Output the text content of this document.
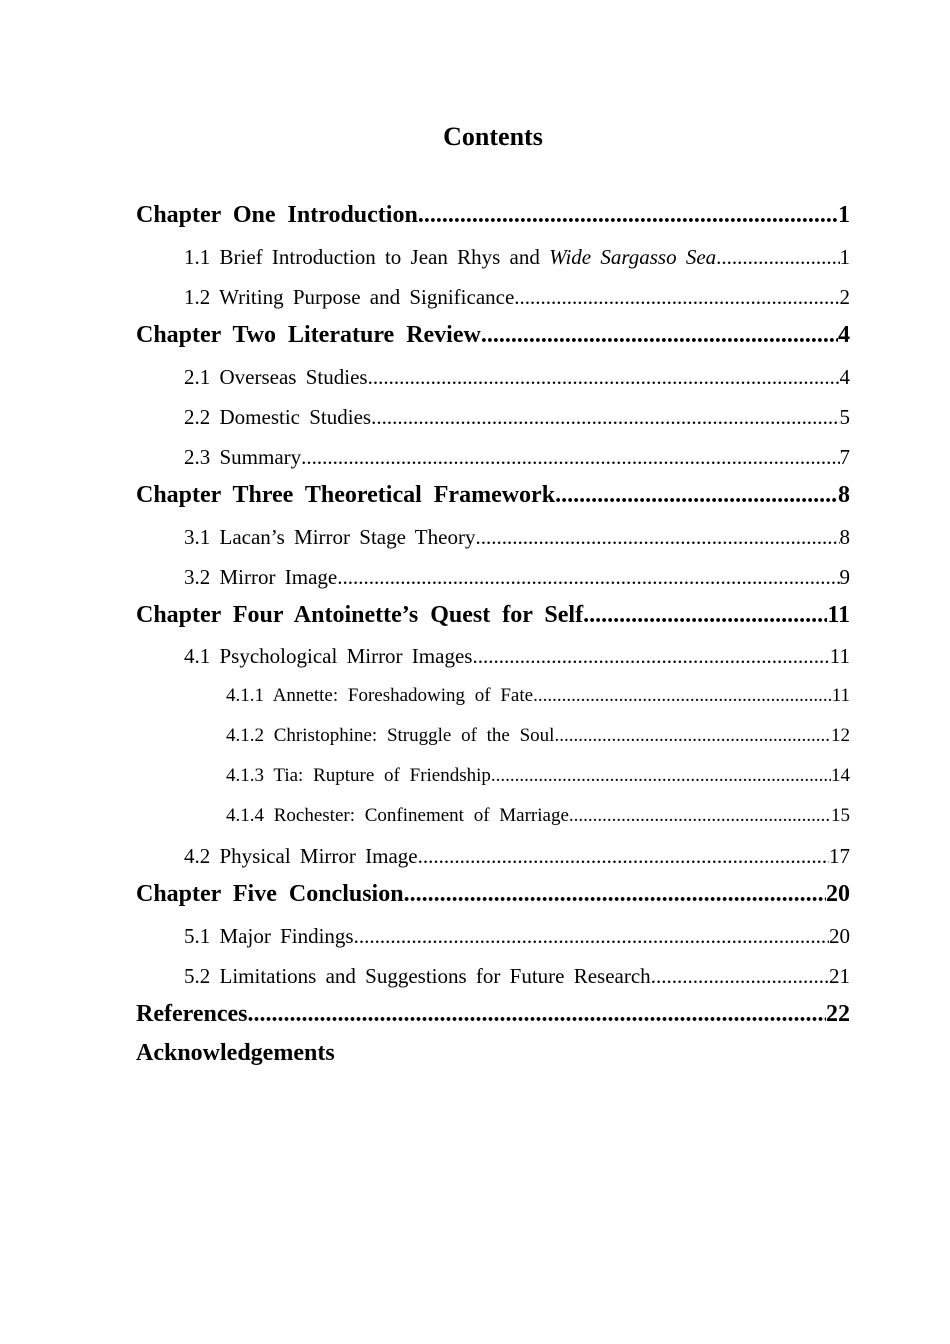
Contents
Chapter One Introduction .....	1
1.1 Brief Introduction to Jean Rhys and Wide Sargasso Sea .....	1
1.2 Writing Purpose and Significance .....	2
Chapter Two Literature Review .....	4
2.1 Overseas Studies .....	4
2.2 Domestic Studies .....	5
2.3 Summary .....	7
Chapter Three Theoretical Framework .....	8
3.1 Lacan’s Mirror Stage Theory .....	8
3.2 Mirror Image .....	9
Chapter Four Antoinette’s Quest for Self .....	11
4.1 Psychological Mirror Images .....	11
4.1.1 Annette: Foreshadowing of Fate .....	11
4.1.2 Christophine: Struggle of the Soul .....	12
4.1.3 Tia: Rupture of Friendship .....	14
4.1.4 Rochester: Confinement of Marriage .....	15
4.2 Physical Mirror Image .....	17
Chapter Five Conclusion .....	20
5.1 Major Findings .....	20
5.2 Limitations and Suggestions for Future Research .....	21
References .....	22
Acknowledgements
